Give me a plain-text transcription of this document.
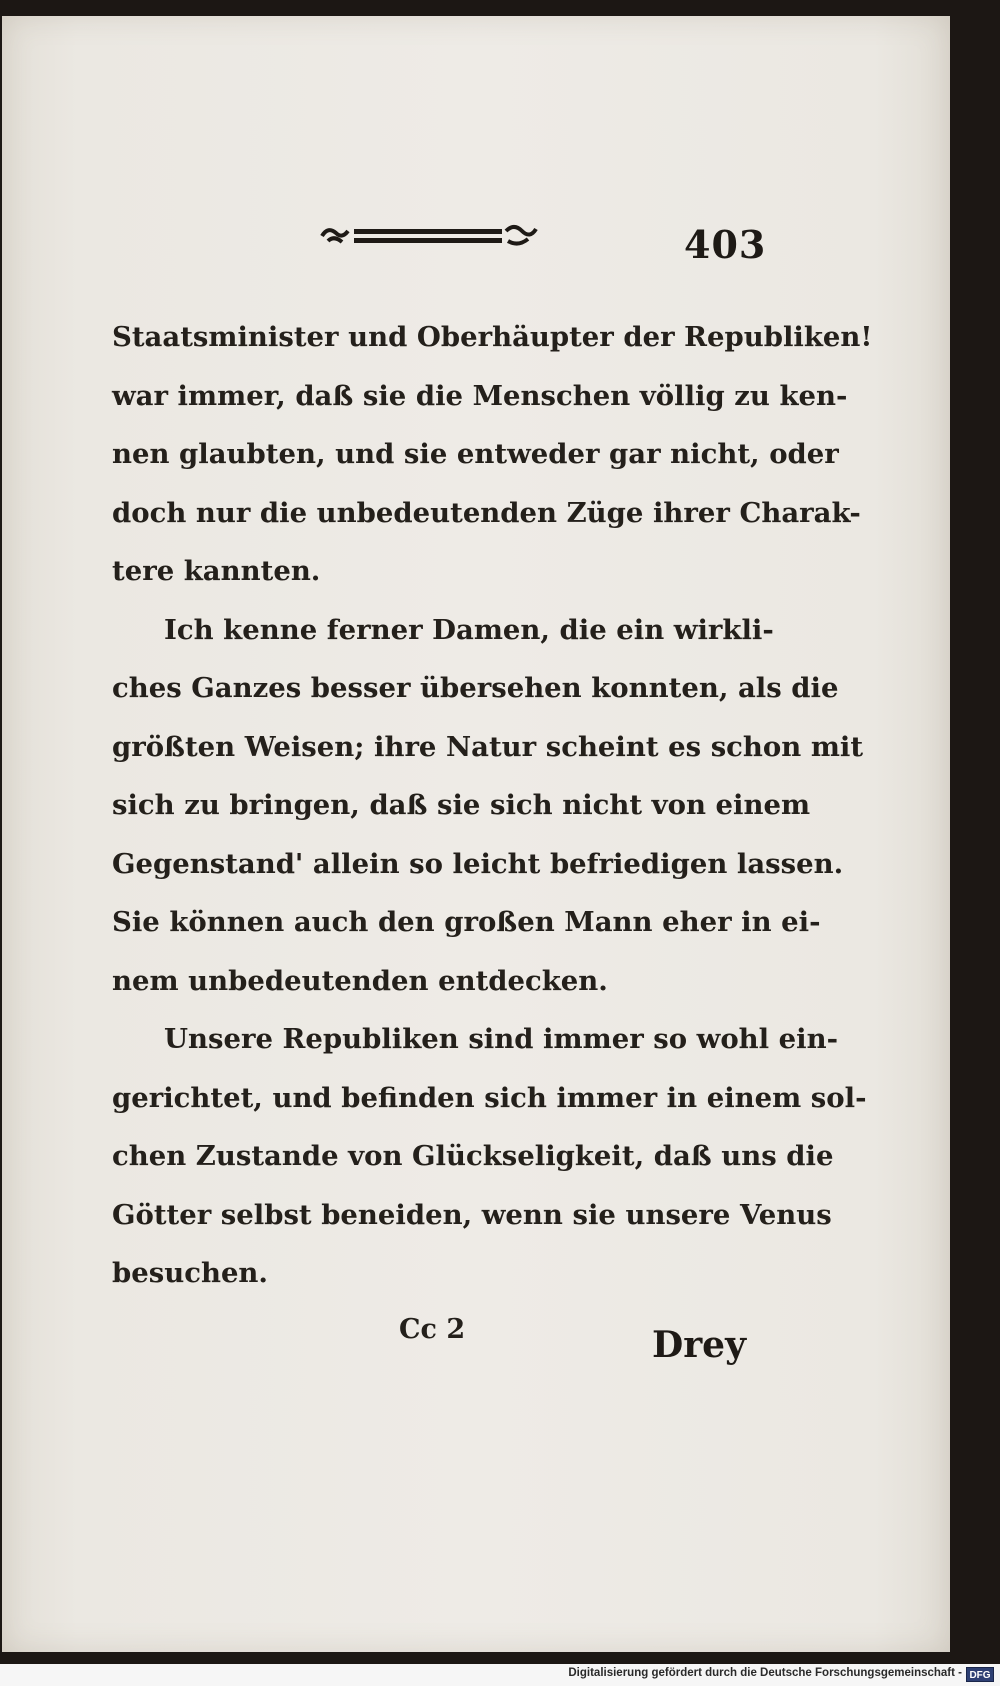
403
Staatsminister und Oberhäupter der Republiken!
war immer, daß sie die Menschen völlig zu ken-
nen glaubten, und sie entweder gar nicht, oder
doch nur die unbedeutenden Züge ihrer Charak-
tere kannten.
Ich kenne ferner Damen, die ein wirkli-
ches Ganzes besser übersehen konnten, als die
größten Weisen; ihre Natur scheint es schon mit
sich zu bringen, daß sie sich nicht von einem
Gegenstand' allein so leicht befriedigen lassen.
Sie können auch den großen Mann eher in ei-
nem unbedeutenden entdecken.
Unsere Republiken sind immer so wohl ein-
gerichtet, und befinden sich immer in einem sol-
chen Zustande von Glückseligkeit, daß uns die
Götter selbst beneiden, wenn sie unsere Venus
besuchen.
Cc 2	Drey
Digitalisierung gefördert durch die Deutsche Forschungsgemeinschaft - DFG
